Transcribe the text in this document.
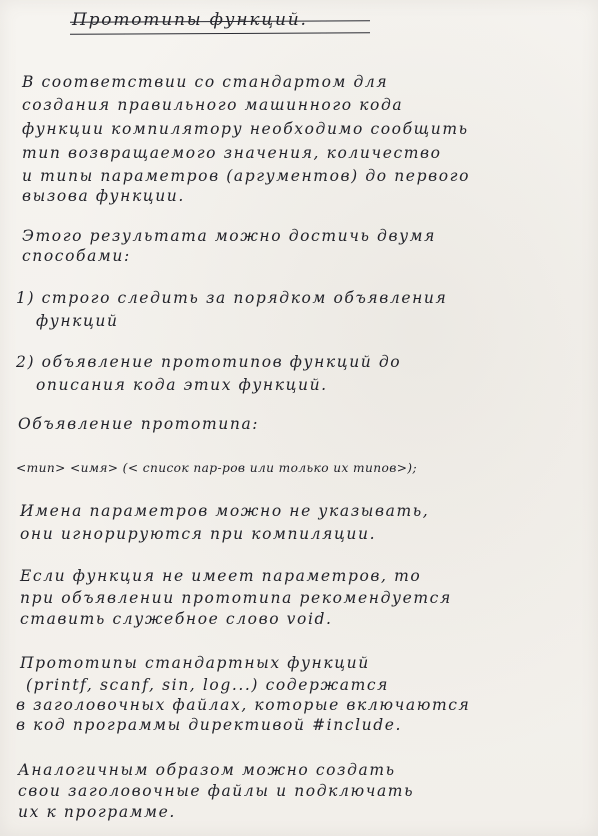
Прототипы функций.
В соответствии со стандартом для
создания правильного машинного кода
функции компилятору необходимо сообщить
тип возвращаемого значения, количество
и типы параметров (аргументов) до первого
вызова функции.
Этого результата можно достичь двумя
способами:
1) строго следить за порядком объявления
функций
2) объявление прототипов функций до
описания кода этих функций.
Объявление прототипа:
<тип> <имя> (< список пар-ров или только их типов>);
Имена параметров можно не указывать,
они игнорируются при компиляции.
Если функция не имеет параметров, то
при объявлении прототипа рекомендуется
ставить служебное слово void.
Прототипы стандартных функций
(printf, scanf, sin, log...) содержатся
в заголовочных файлах, которые включаются
в код программы директивой #include.
Аналогичным образом можно создать
свои заголовочные файлы и подключать
их к программе.
